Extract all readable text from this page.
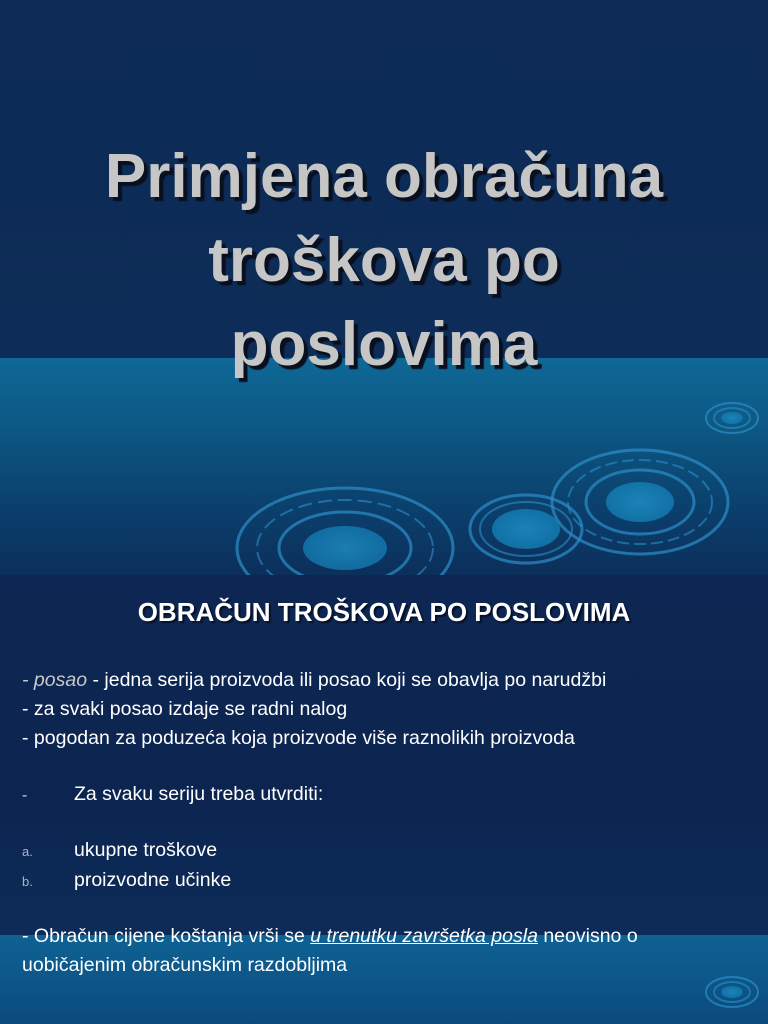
Primjena obračuna
troškova po
poslovima
OBRAČUN TROŠKOVA PO POSLOVIMA
- posao - jedna serija proizvoda ili posao koji se obavlja po narudžbi
- za svaki posao izdaje se radni nalog
- pogodan za poduzeća koja proizvode više raznolikih proizvoda
-	Za svaku seriju treba utvrditi:
a.	ukupne troškove
b.	proizvodne učinke
- Obračun cijene koštanja vrši se u trenutku završetka posla neovisno o uobičajenim obračunskim razdobljima
